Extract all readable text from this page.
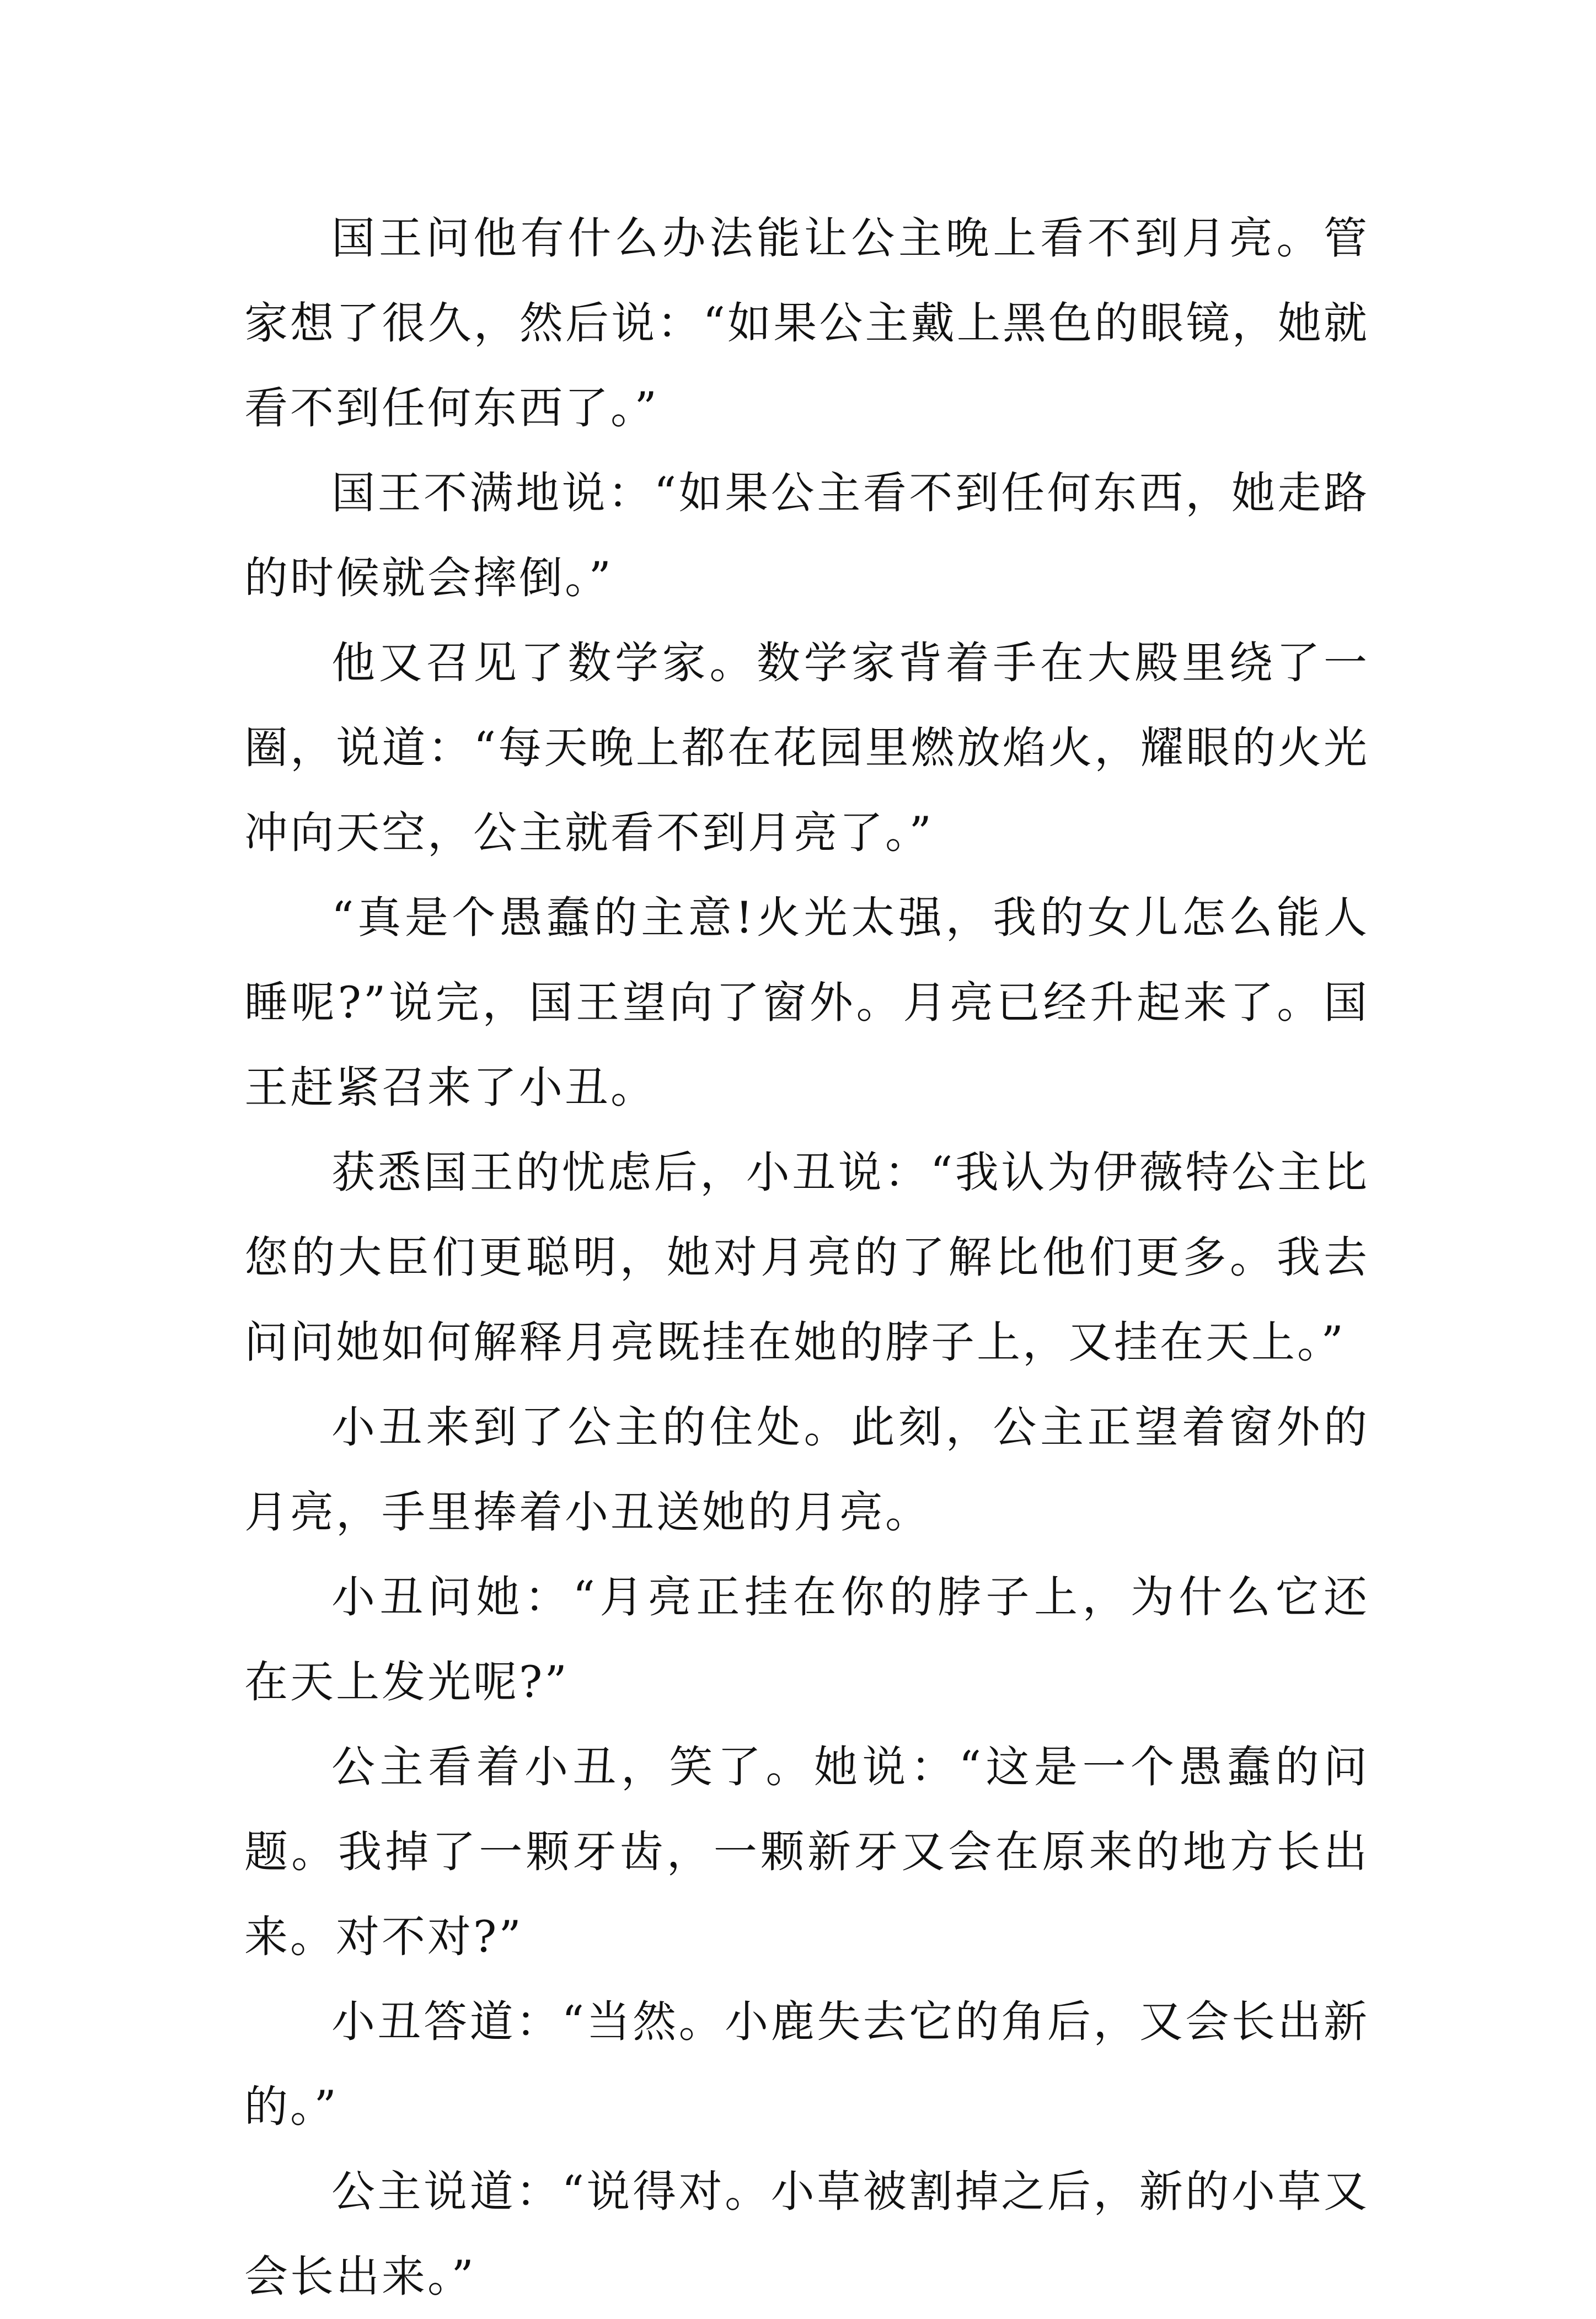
国王问他有什么办法能让公主晚上看不到月亮。管家想了很久，然后说：“如果公主戴上黑色的眼镜，她就看不到任何东西了。”

国王不满地说：“如果公主看不到任何东西，她走路的时候就会摔倒。”

他又召见了数学家。数学家背着手在大殿里绕了一圈，说道：“每天晚上都在花园里燃放焰火，耀眼的火光冲向天空，公主就看不到月亮了。”

“真是个愚蠢的主意!火光太强，我的女儿怎么能人睡呢?”说完，国王望向了窗外。月亮已经升起来了。国王赶紧召来了小丑。

获悉国王的忧虑后，小丑说：“我认为伊薇特公主比您的大臣们更聪明，她对月亮的了解比他们更多。我去问问她如何解释月亮既挂在她的脖子上，又挂在天上。”

小丑来到了公主的住处。此刻，公主正望着窗外的月亮，手里捧着小丑送她的月亮。

小丑问她：“月亮正挂在你的脖子上，为什么它还 在天上发光呢?”

公主看着小丑，笑了。她说：“这是一个愚蠢的问题。我掉了一颗牙齿，一颗新牙又会在原来的地方长出来。对不对?”

小丑答道：“当然。小鹿失去它的角后，又会长出新的。”

公主说道：“说得对。小草被割掉之后，新的小草又会长出来。”
